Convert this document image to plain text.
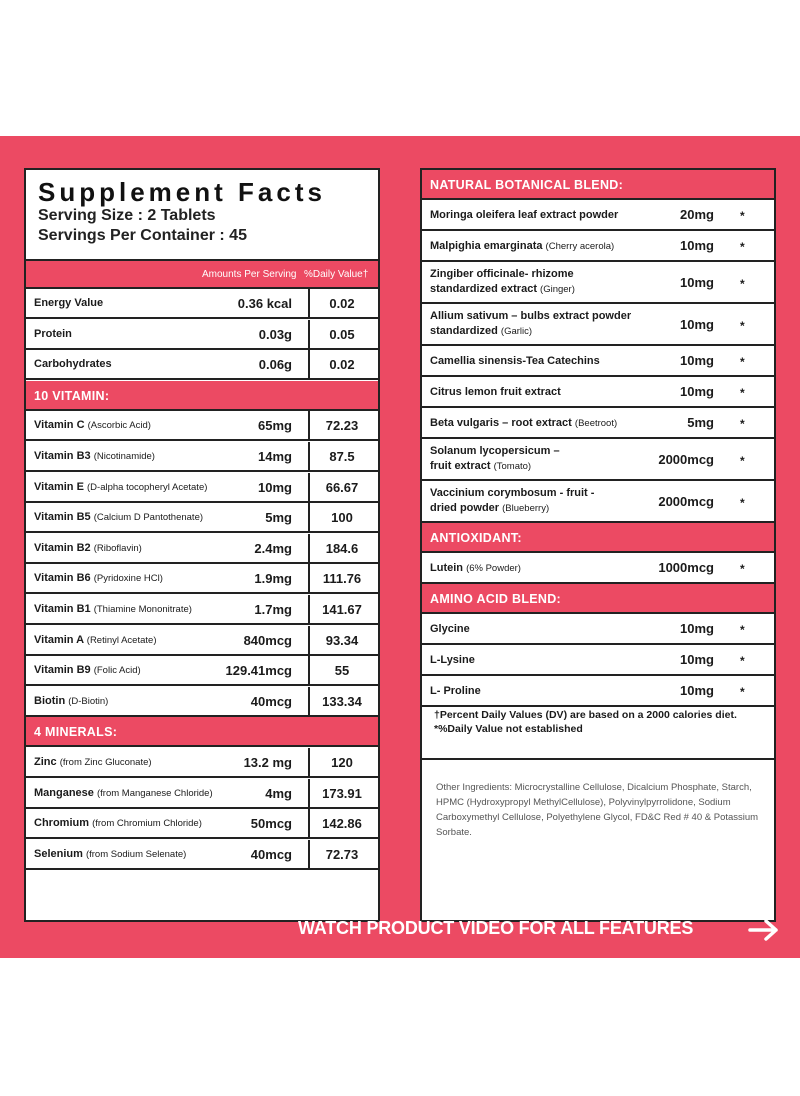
Supplement Facts
Serving Size : 2 Tablets
Servings Per Container : 45
Amounts Per Serving %Daily Value†
Energy Value	0.36 kcal	0.02
Protein	0.03g	0.05
Carbohydrates	0.06g	0.02
10 VITAMIN:
Vitamin C (Ascorbic Acid)	65mg	72.23
Vitamin B3 (Nicotinamide)	14mg	87.5
Vitamin E (D-alpha tocopheryl Acetate)	10mg	66.67
Vitamin B5 (Calcium D Pantothenate)	5mg	100
Vitamin B2 (Riboflavin)	2.4mg	184.6
Vitamin B6 (Pyridoxine HCl)	1.9mg	111.76
Vitamin B1 (Thiamine Mononitrate)	1.7mg	141.67
Vitamin A (Retinyl Acetate)	840mcg	93.34
Vitamin B9 (Folic Acid)	129.41mcg	55
Biotin (D-Biotin)	40mcg	133.34
4 MINERALS:
Zinc (from Zinc Gluconate)	13.2 mg	120
Manganese (from Manganese Chloride)	4mg	173.91
Chromium (from Chromium Chloride)	50mcg	142.86
Selenium (from Sodium Selenate)	40mcg	72.73
NATURAL BOTANICAL BLEND:
Moringa oleifera leaf extract powder	20mg *
Malpighia emarginata (Cherry acerola)	10mg *
Zingiber officinale- rhizome
standardized extract (Ginger)	10mg *
Allium sativum – bulbs extract powder
standardized (Garlic)	10mg *
Camellia sinensis-Tea Catechins	10mg *
Citrus lemon fruit extract	10mg *
Beta vulgaris – root extract (Beetroot)	5mg *
Solanum lycopersicum –
fruit extract (Tomato)	2000mcg *
Vaccinium corymbosum - fruit -
dried powder (Blueberry)	2000mcg *
ANTIOXIDANT:
Lutein (6% Powder)	1000mcg *
AMINO ACID BLEND:
Glycine	10mg *
L-Lysine	10mg *
L- Proline	10mg *
†Percent Daily Values (DV) are based on a 2000 calories diet.
*%Daily Value not established
Other Ingredients: Microcrystalline Cellulose, Dicalcium Phosphate, Starch, HPMC (Hydroxypropyl MethylCellulose), Polyvinylpyrrolidone, Sodium Carboxymethyl Cellulose, Polyethylene Glycol, FD&C Red # 40 & Potassium Sorbate.
WATCH PRODUCT VIDEO FOR ALL FEATURES
